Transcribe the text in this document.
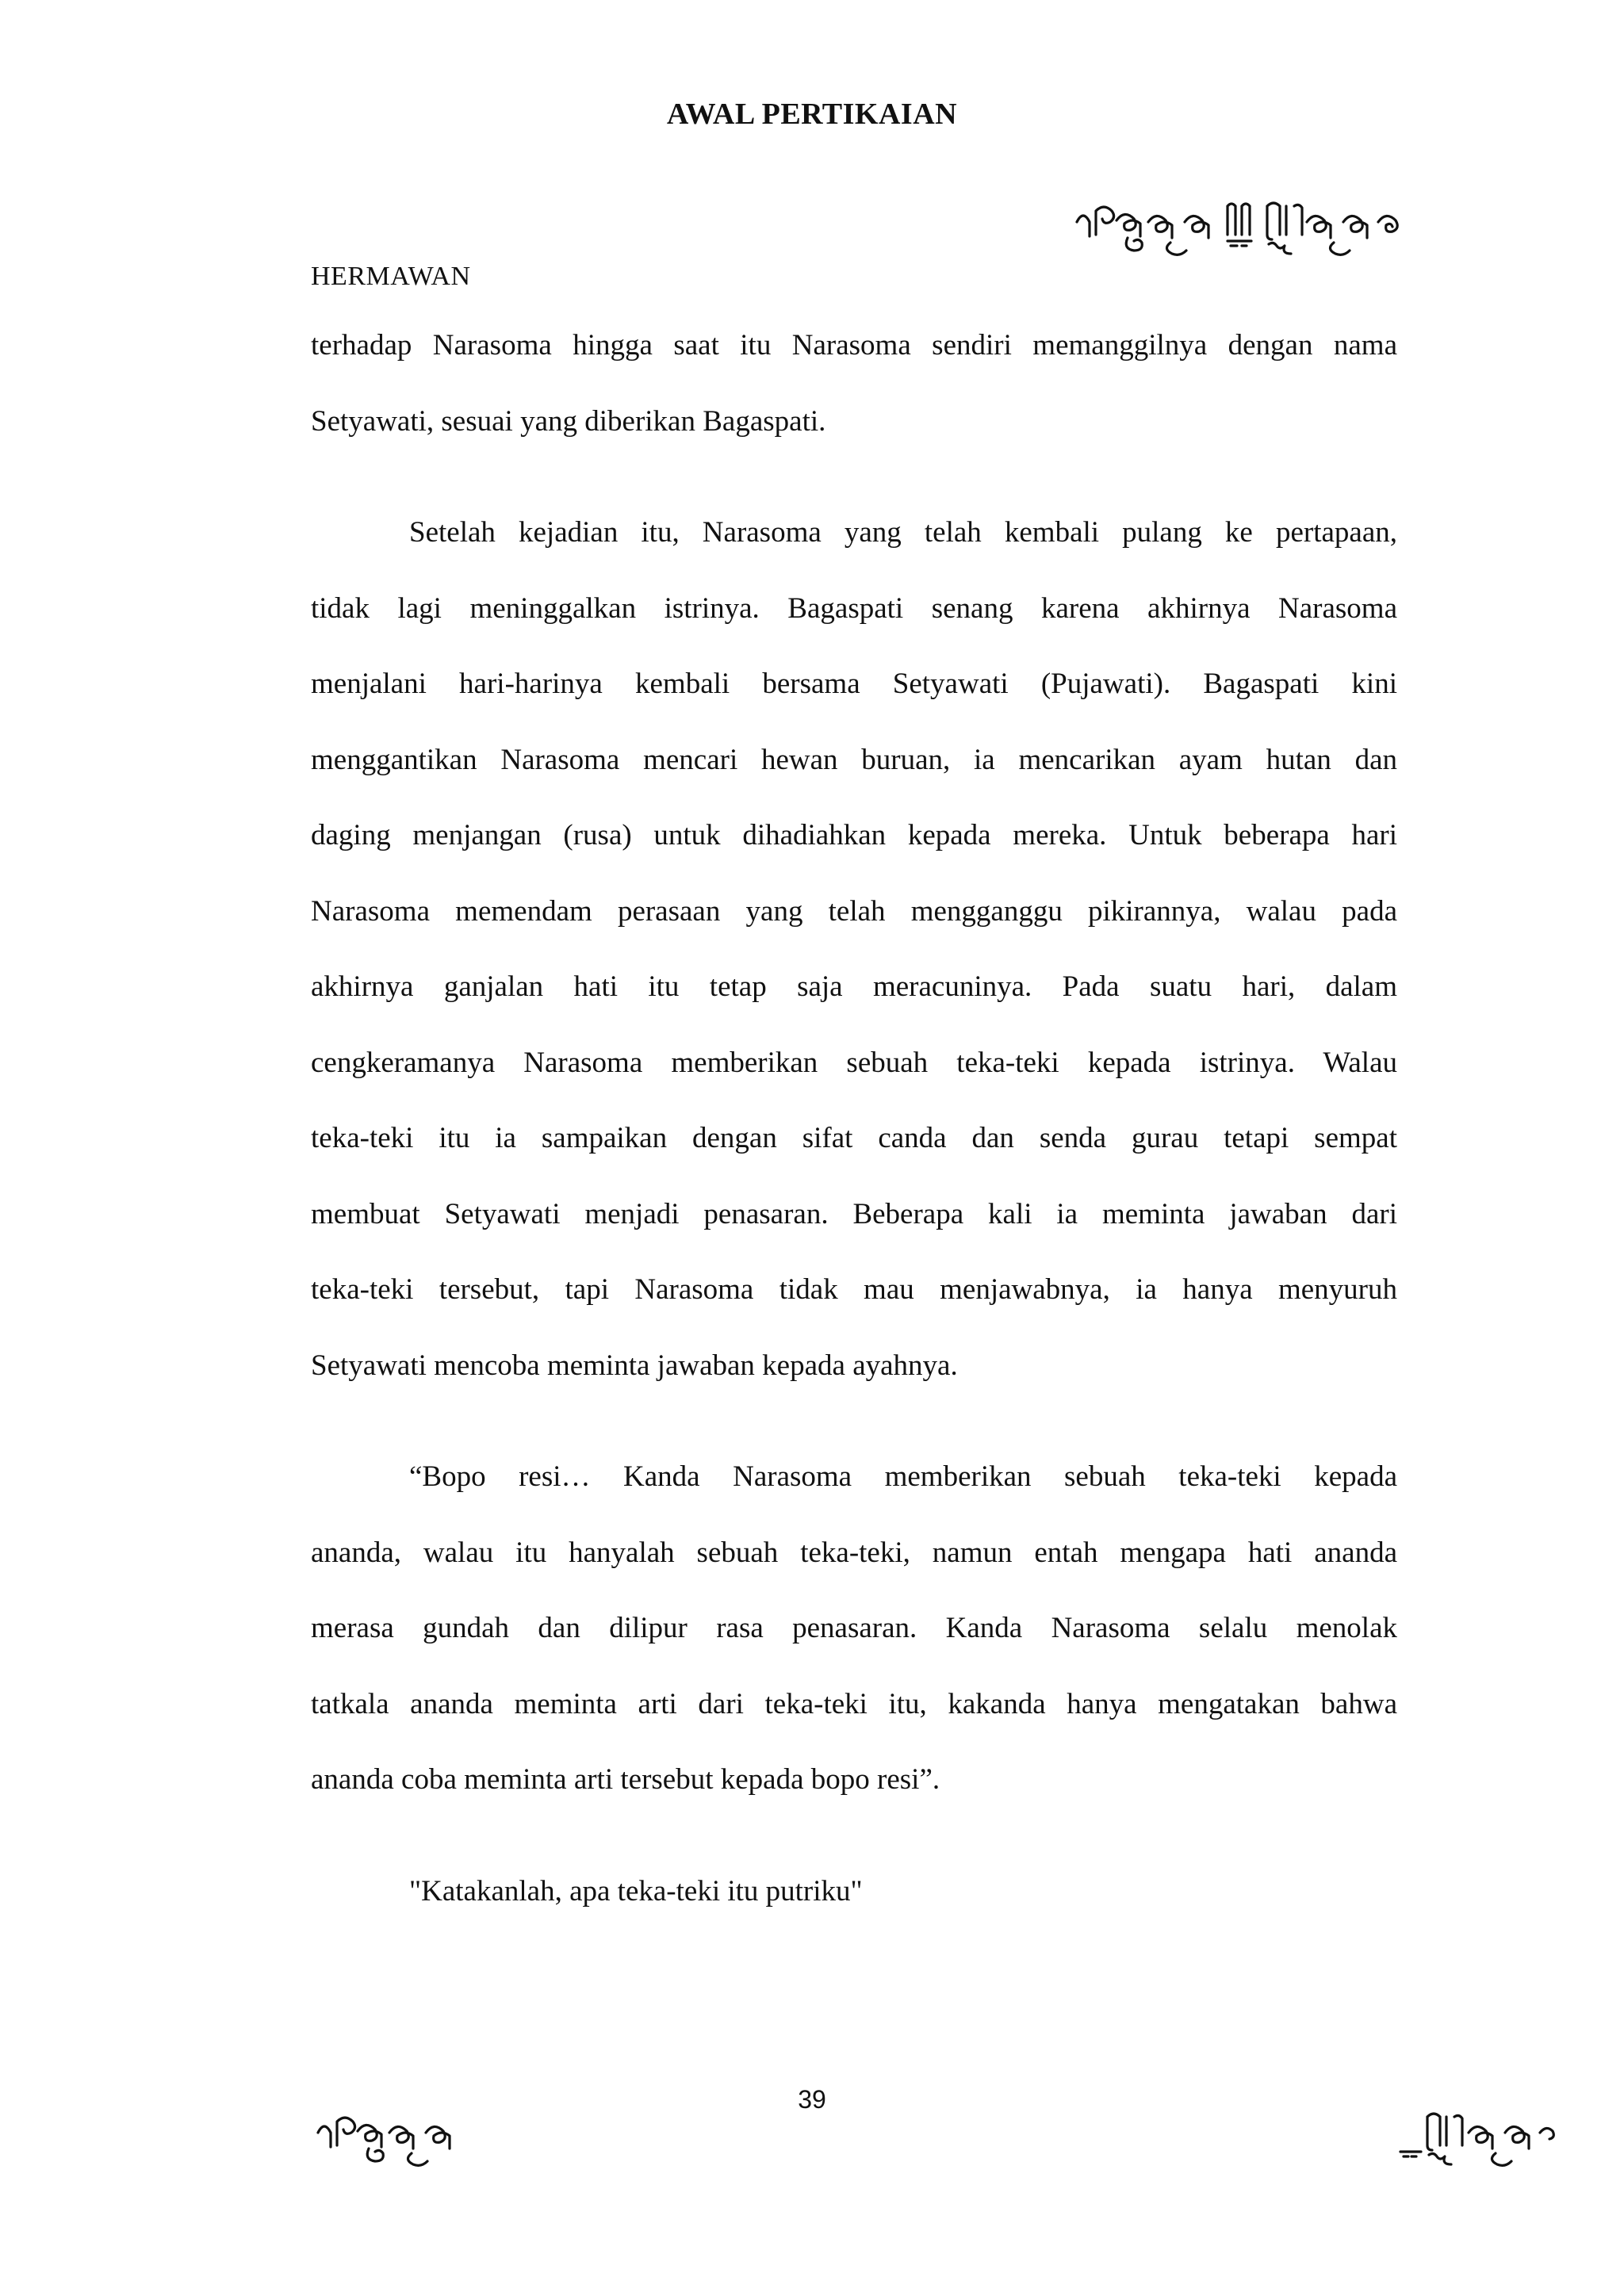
AWAL PERTIKAIAN
HERMAWAN

terhadap Narasoma hingga saat itu Narasoma sendiri memanggilnya dengan nama
Setyawati, sesuai yang diberikan Bagaspati.

Setelah kejadian itu, Narasoma yang telah kembali pulang ke pertapaan,
tidak lagi meninggalkan istrinya. Bagaspati senang karena akhirnya Narasoma
menjalani hari-harinya kembali bersama Setyawati (Pujawati). Bagaspati kini
menggantikan Narasoma mencari hewan buruan, ia mencarikan ayam hutan dan
daging menjangan (rusa) untuk dihadiahkan kepada mereka. Untuk beberapa hari
Narasoma memendam perasaan yang telah mengganggu pikirannya, walau pada
akhirnya ganjalan hati itu tetap saja meracuninya. Pada suatu hari, dalam
cengkeramanya Narasoma memberikan sebuah teka-teki kepada istrinya. Walau
teka-teki itu ia sampaikan dengan sifat canda dan senda gurau tetapi sempat
membuat Setyawati menjadi penasaran. Beberapa kali ia meminta jawaban dari
teka-teki tersebut, tapi Narasoma tidak mau menjawabnya, ia hanya menyuruh
Setyawati mencoba meminta jawaban kepada ayahnya.

“Bopo resi… Kanda Narasoma memberikan sebuah teka-teki kepada
ananda, walau itu hanyalah sebuah teka-teki, namun entah mengapa hati ananda
merasa gundah dan dilipur rasa penasaran. Kanda Narasoma selalu menolak
tatkala ananda meminta arti dari teka-teki itu, kakanda hanya mengatakan bahwa
ananda coba meminta arti tersebut kepada bopo resi”.

"Katakanlah, apa teka-teki itu putriku"

39
